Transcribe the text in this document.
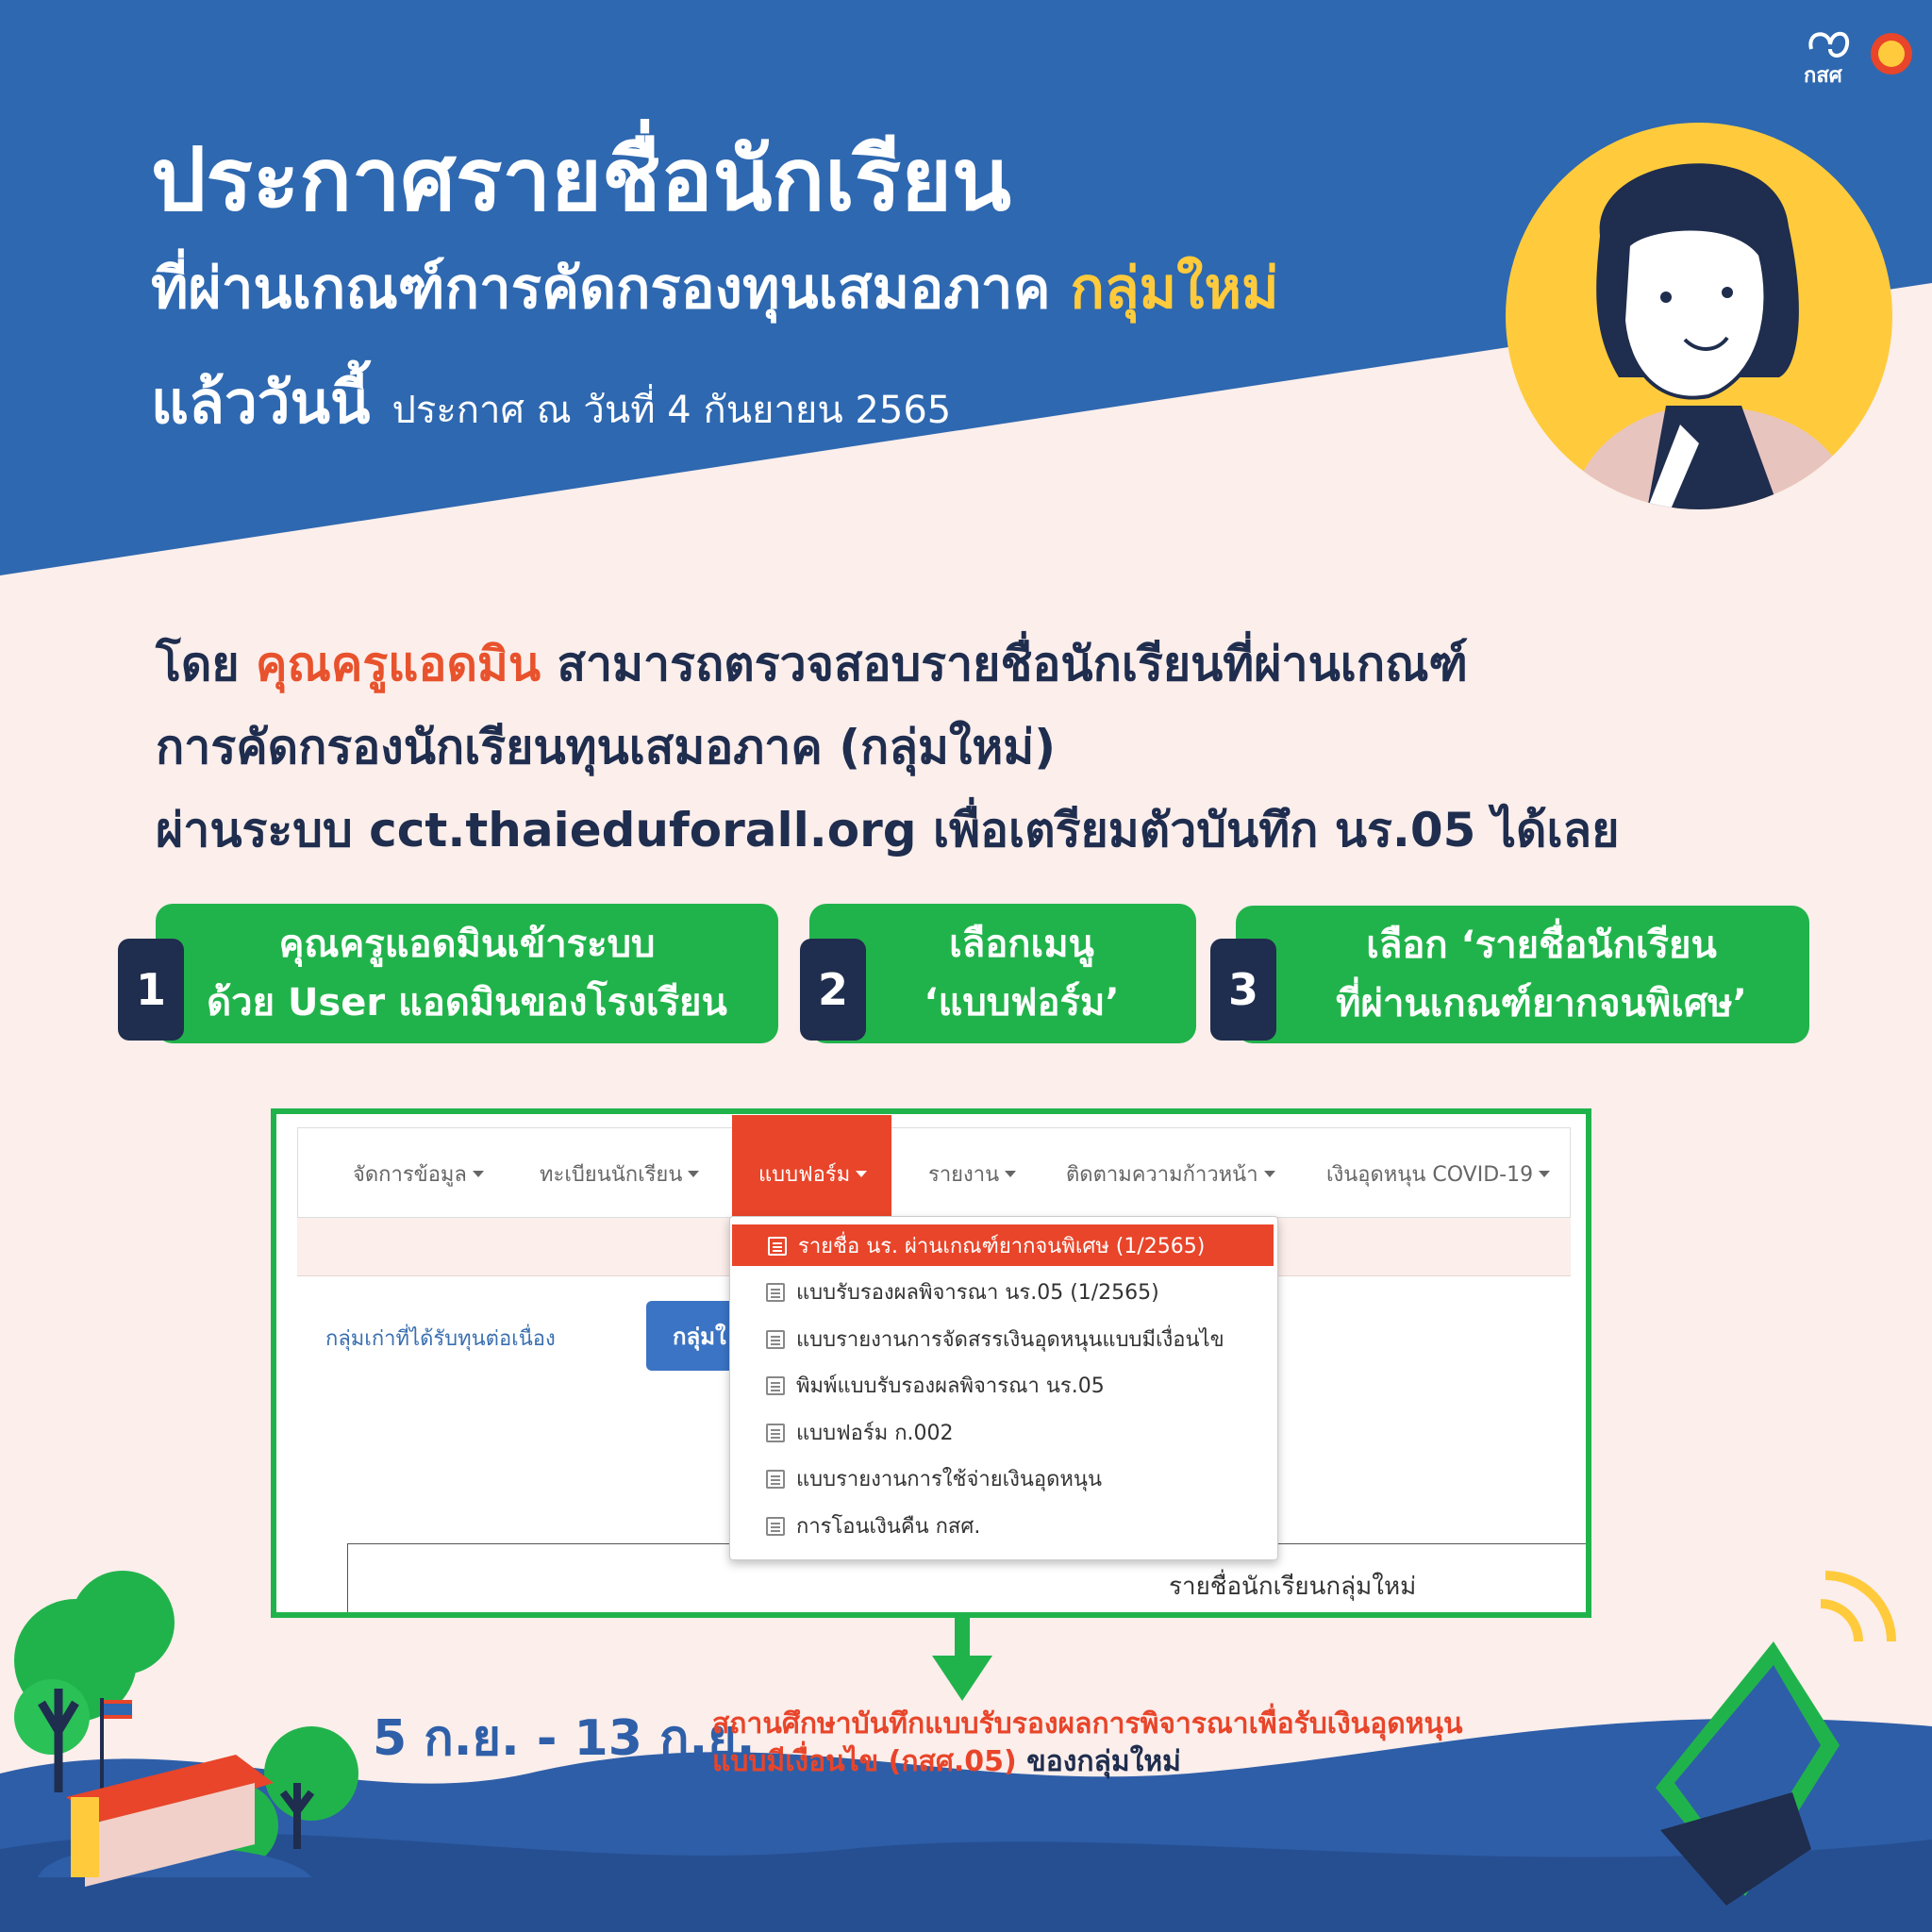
กสศ
ประกาศรายชื่อนักเรียน
ที่ผ่านเกณฑ์การคัดกรองทุนเสมอภาค กลุ่มใหม่
แล้ววันนี้ ประกาศ ณ วันที่ 4 กันยายน 2565
โดย คุณครูแอดมิน สามารถตรวจสอบรายชื่อนักเรียนที่ผ่านเกณฑ์
การคัดกรองนักเรียนทุนเสมอภาค (กลุ่มใหม่)
ผ่านระบบ cct.thaieduforall.org เพื่อเตรียมตัวบันทึก นร.05 ได้เลย
คุณครูแอดมินเข้าระบบ
ด้วย User แอดมินของโรงเรียน
1
เลือกเมนู
‘แบบฟอร์ม’
2
เลือก ‘รายชื่อนักเรียน
ที่ผ่านเกณฑ์ยากจนพิเศษ’
3
จัดการข้อมูล	ทะเบียนนักเรียน	แบบฟอร์ม	รายงาน	ติดตามความก้าวหน้า	เงินอุดหนุน COVID-19
กลุ่มเก่าที่ได้รับทุนต่อเนื่อง	กลุ่มใ
รายชื่อนักเรียนกลุ่มใหม่
รายชื่อ นร. ผ่านเกณฑ์ยากจนพิเศษ (1/2565)
แบบรับรองผลพิจารณา นร.05 (1/2565)
แบบรายงานการจัดสรรเงินอุดหนุนแบบมีเงื่อนไข
พิมพ์แบบรับรองผลพิจารณา นร.05
แบบฟอร์ม ก.002
แบบรายงานการใช้จ่ายเงินอุดหนุน
การโอนเงินคืน กสศ.
5 ก.ย. - 13 ก.ย.
สถานศึกษาบันทึกแบบรับรองผลการพิจารณาเพื่อรับเงินอุดหนุน
แบบมีเงื่อนไข (กสศ.05) ของกลุ่มใหม่
